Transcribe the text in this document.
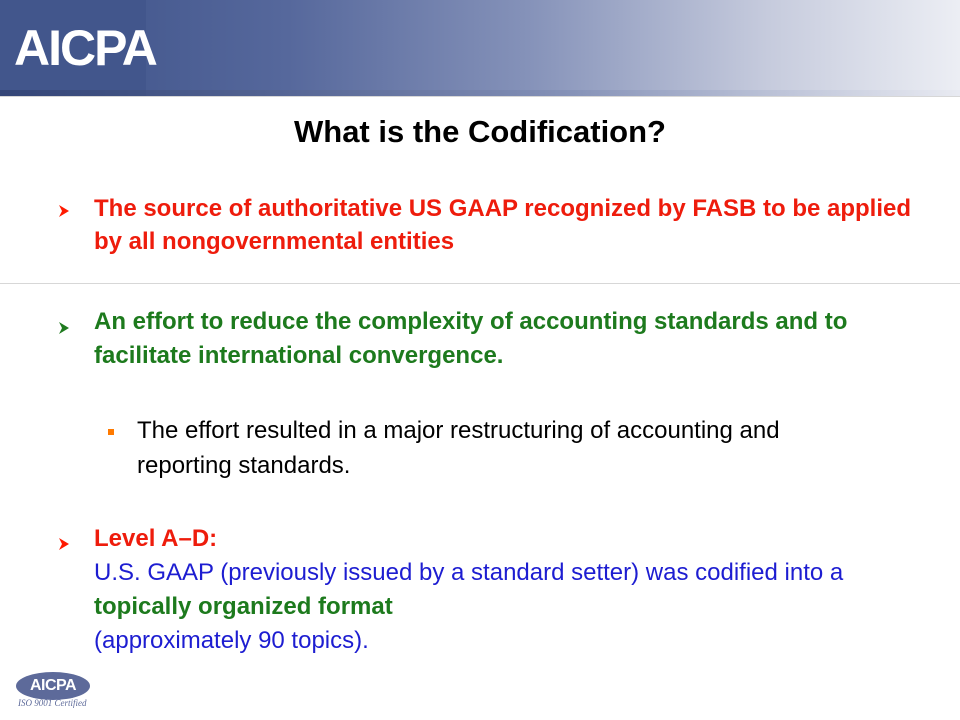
AICPA
What is the Codification?
The source of authoritative US GAAP recognized by FASB to be applied by all nongovernmental entities
An effort to reduce the complexity of accounting standards and to facilitate international convergence.
The effort resulted in a major restructuring of accounting and reporting standards.
Level A–D:
U.S. GAAP (previously issued by a standard setter) was codified into a topically organized format
(approximately 90 topics).
AICPA
ISO 9001 Certified
